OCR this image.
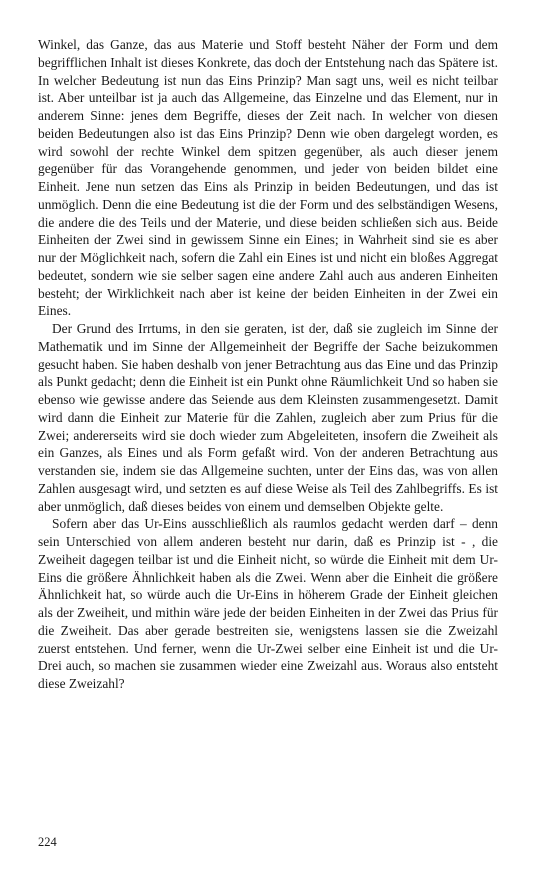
Winkel, das Ganze, das aus Materie und Stoff besteht Näher der Form und dem begrifflichen Inhalt ist dieses Konkrete, das doch der Entstehung nach das Spätere ist. In welcher Bedeutung ist nun das Eins Prinzip? Man sagt uns, weil es nicht teilbar ist. Aber unteilbar ist ja auch das Allgemeine, das Einzelne und das Element, nur in anderem Sinne: jenes dem Begriffe, dieses der Zeit nach. In welcher von diesen beiden Bedeutungen also ist das Eins Prinzip? Denn wie oben dargelegt worden, es wird sowohl der rechte Winkel dem spitzen gegenüber, als auch dieser jenem gegenüber für das Vorangehende genommen, und jeder von beiden bildet eine Einheit. Jene nun setzen das Eins als Prinzip in beiden Bedeutungen, und das ist unmöglich. Denn die eine Bedeutung ist die der Form und des selbständigen Wesens, die andere die des Teils und der Materie, und diese beiden schließen sich aus. Beide Einheiten der Zwei sind in gewissem Sinne ein Eines; in Wahrheit sind sie es aber nur der Möglichkeit nach, sofern die Zahl ein Eines ist und nicht ein bloßes Aggregat bedeutet, sondern wie sie selber sagen eine andere Zahl auch aus anderen Einheiten besteht; der Wirklichkeit nach aber ist keine der beiden Einheiten in der Zwei ein Eines.

Der Grund des Irrtums, in den sie geraten, ist der, daß sie zugleich im Sinne der Mathematik und im Sinne der Allgemeinheit der Begriffe der Sache beizukommen gesucht haben. Sie haben deshalb von jener Betrachtung aus das Eine und das Prinzip als Punkt gedacht; denn die Einheit ist ein Punkt ohne Räumlichkeit Und so haben sie ebenso wie gewisse andere das Seiende aus dem Kleinsten zusammengesetzt. Damit wird dann die Einheit zur Materie für die Zahlen, zugleich aber zum Prius für die Zwei; andererseits wird sie doch wieder zum Abgeleiteten, insofern die Zweiheit als ein Ganzes, als Eines und als Form gefaßt wird. Von der anderen Betrachtung aus verstanden sie, indem sie das Allgemeine suchten, unter der Eins das, was von allen Zahlen ausgesagt wird, und setzten es auf diese Weise als Teil des Zahlbegriffs. Es ist aber unmöglich, daß dieses beides von einem und demselben Objekte gelte.

Sofern aber das Ur-Eins ausschließlich als raumlos gedacht werden darf – denn sein Unterschied von allem anderen besteht nur darin, daß es Prinzip ist - , die Zweiheit dagegen teilbar ist und die Einheit nicht, so würde die Einheit mit dem Ur-Eins die größere Ähnlichkeit haben als die Zwei. Wenn aber die Einheit die größere Ähnlichkeit hat, so würde auch die Ur-Eins in höherem Grade der Einheit gleichen als der Zweiheit, und mithin wäre jede der beiden Einheiten in der Zwei das Prius für die Zweiheit. Das aber gerade bestreiten sie, wenigstens lassen sie die Zweizahl zuerst entstehen. Und ferner, wenn die Ur-Zwei selber eine Einheit ist und die Ur-Drei auch, so machen sie zusammen wieder eine Zweizahl aus. Woraus also entsteht diese Zweizahl?

224
